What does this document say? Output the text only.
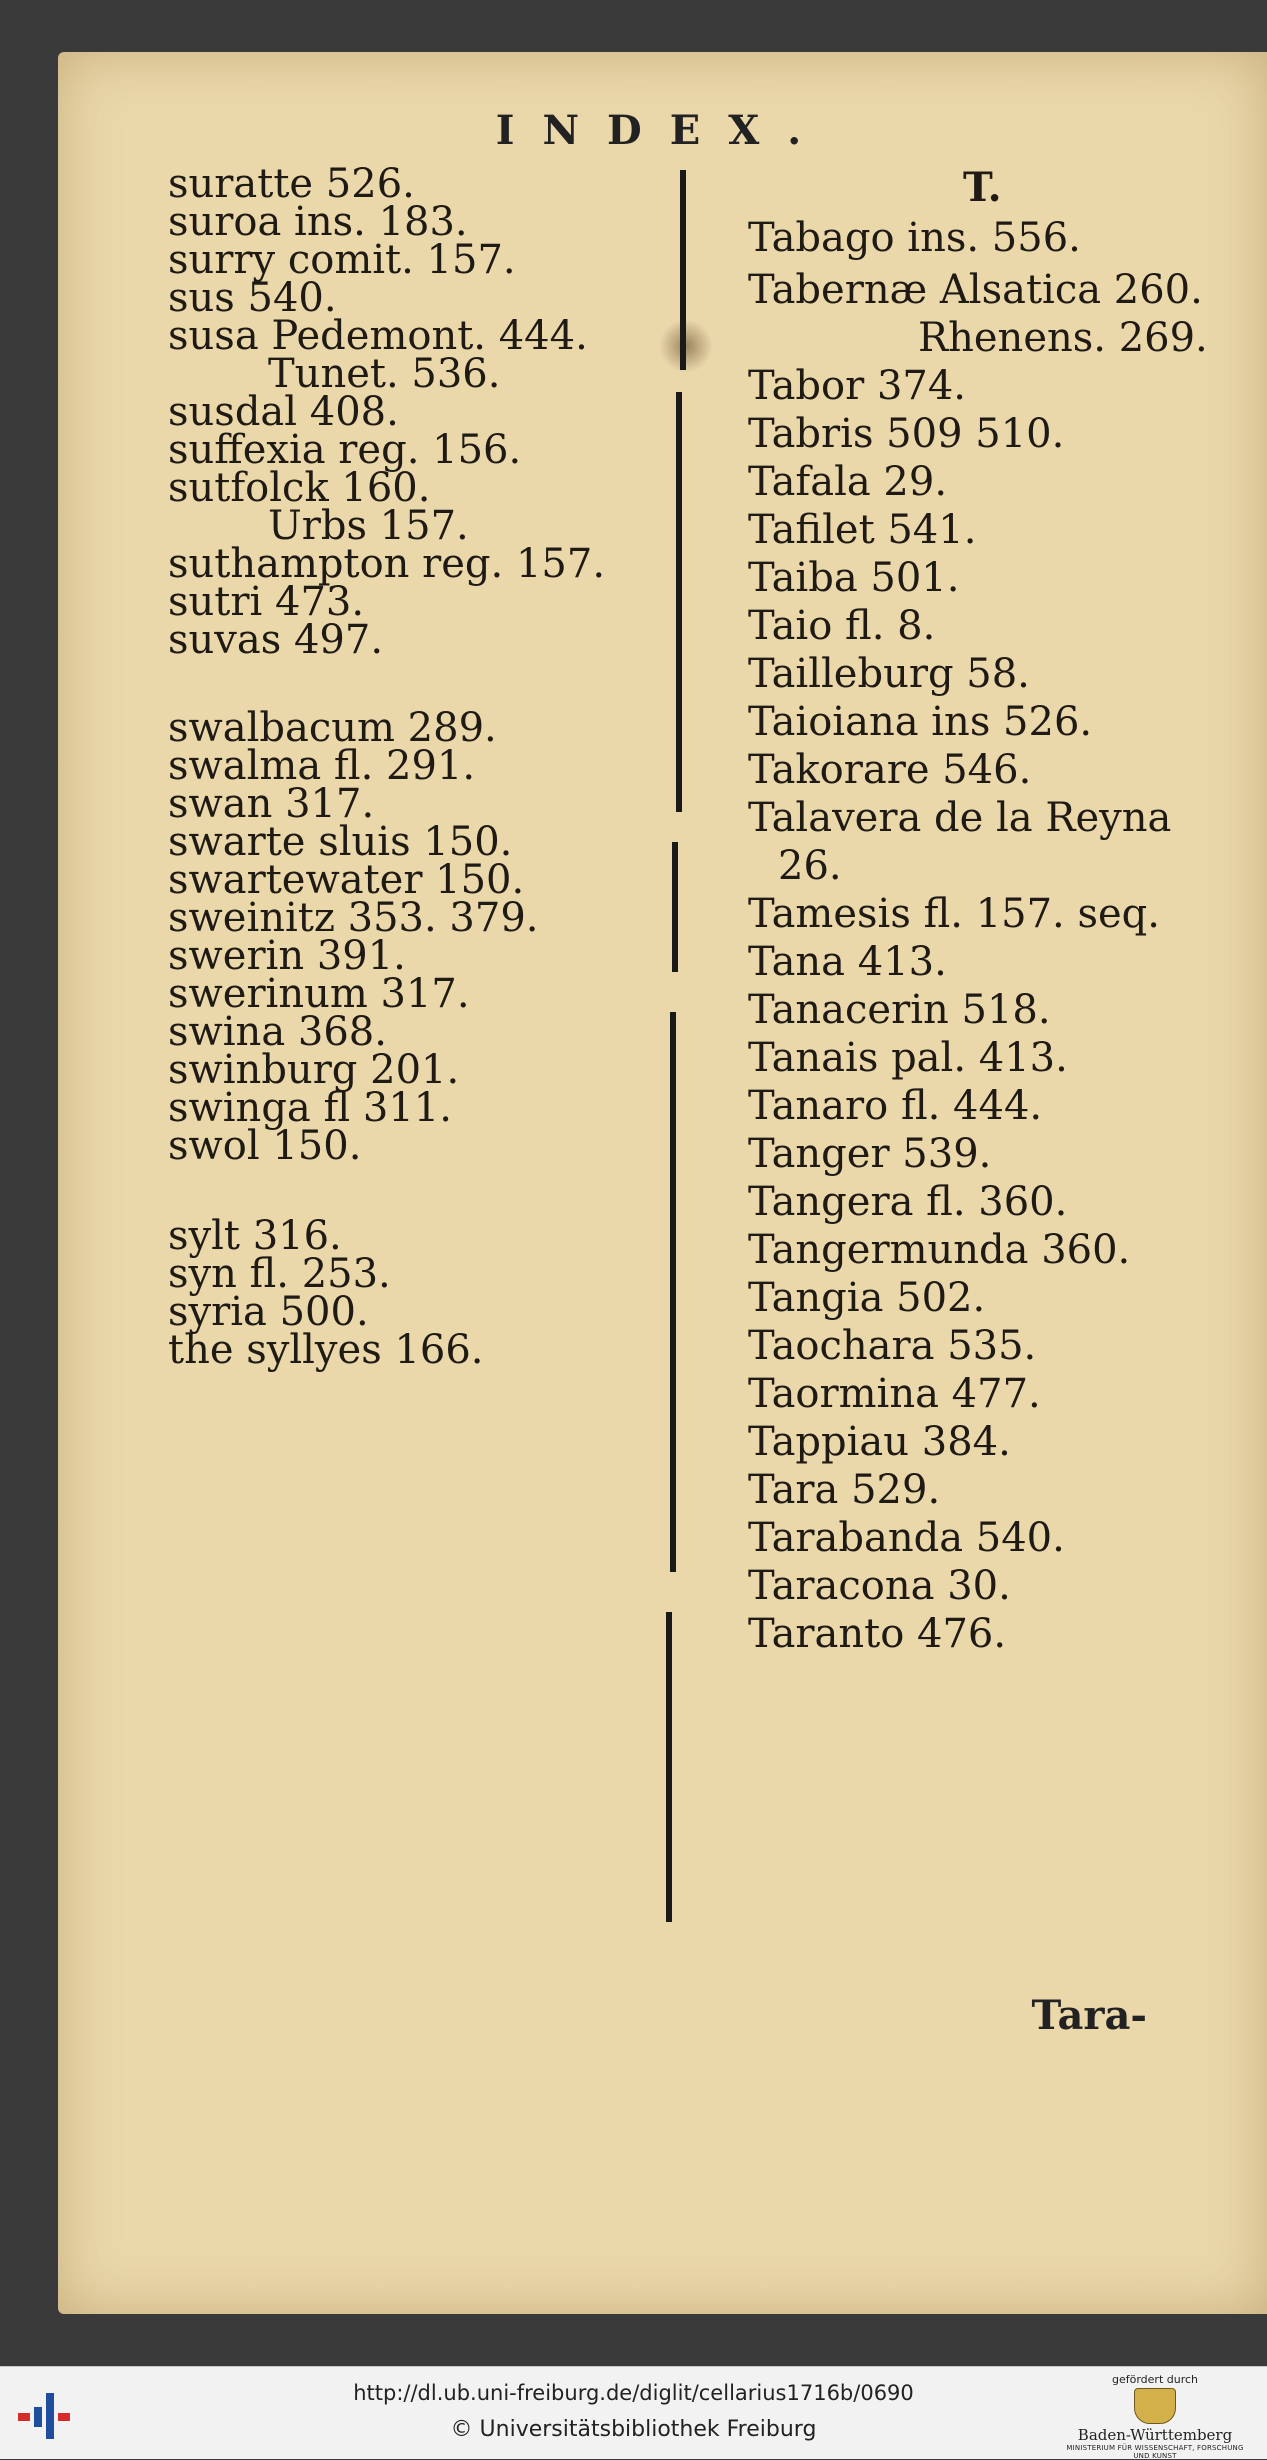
INDEX.
suratte 526.
suroa ins. 183.
surry comit. 157.
sus 540.
susa Pedemont. 444.
Tunet. 536.
susdal 408.
suffexia reg. 156.
sutfolck 160.
Urbs 157.
suthampton reg. 157.
sutri 473.
suvas 497.
swalbacum 289.
swalma fl. 291.
swan 317.
swarte sluis 150.
swartewater 150.
sweinitz 353. 379.
swerin 391.
swerinum 317.
swina 368.
swinburg 201.
swinga fl 311.
swol 150.
sylt 316.
syn fl. 253.
syria 500.
the syllyes 166.
T.
Tabago ins. 556.
Tabernæ Alsatica 260.
Rhenens. 269.
Tabor 374.
Tabris 509 510.
Tafala 29.
Tafilet 541.
Taiba 501.
Taio fl. 8.
Tailleburg 58.
Taioiana ins 526.
Takorare 546.
Talavera de la Reyna
26.
Tamesis fl. 157. seq.
Tana 413.
Tanacerin 518.
Tanais pal. 413.
Tanaro fl. 444.
Tanger 539.
Tangera fl. 360.
Tangermunda 360.
Tangia 502.
Taochara 535.
Taormina 477.
Tappiau 384.
Tara 529.
Tarabanda 540.
Taracona 30.
Taranto 476.
Tara-
http://dl.ub.uni-freiburg.de/diglit/cellarius1716b/0690
© Universitätsbibliothek Freiburg
gefördert durch
Baden-Württemberg
MINISTERIUM FÜR WISSENSCHAFT, FORSCHUNG UND KUNST
